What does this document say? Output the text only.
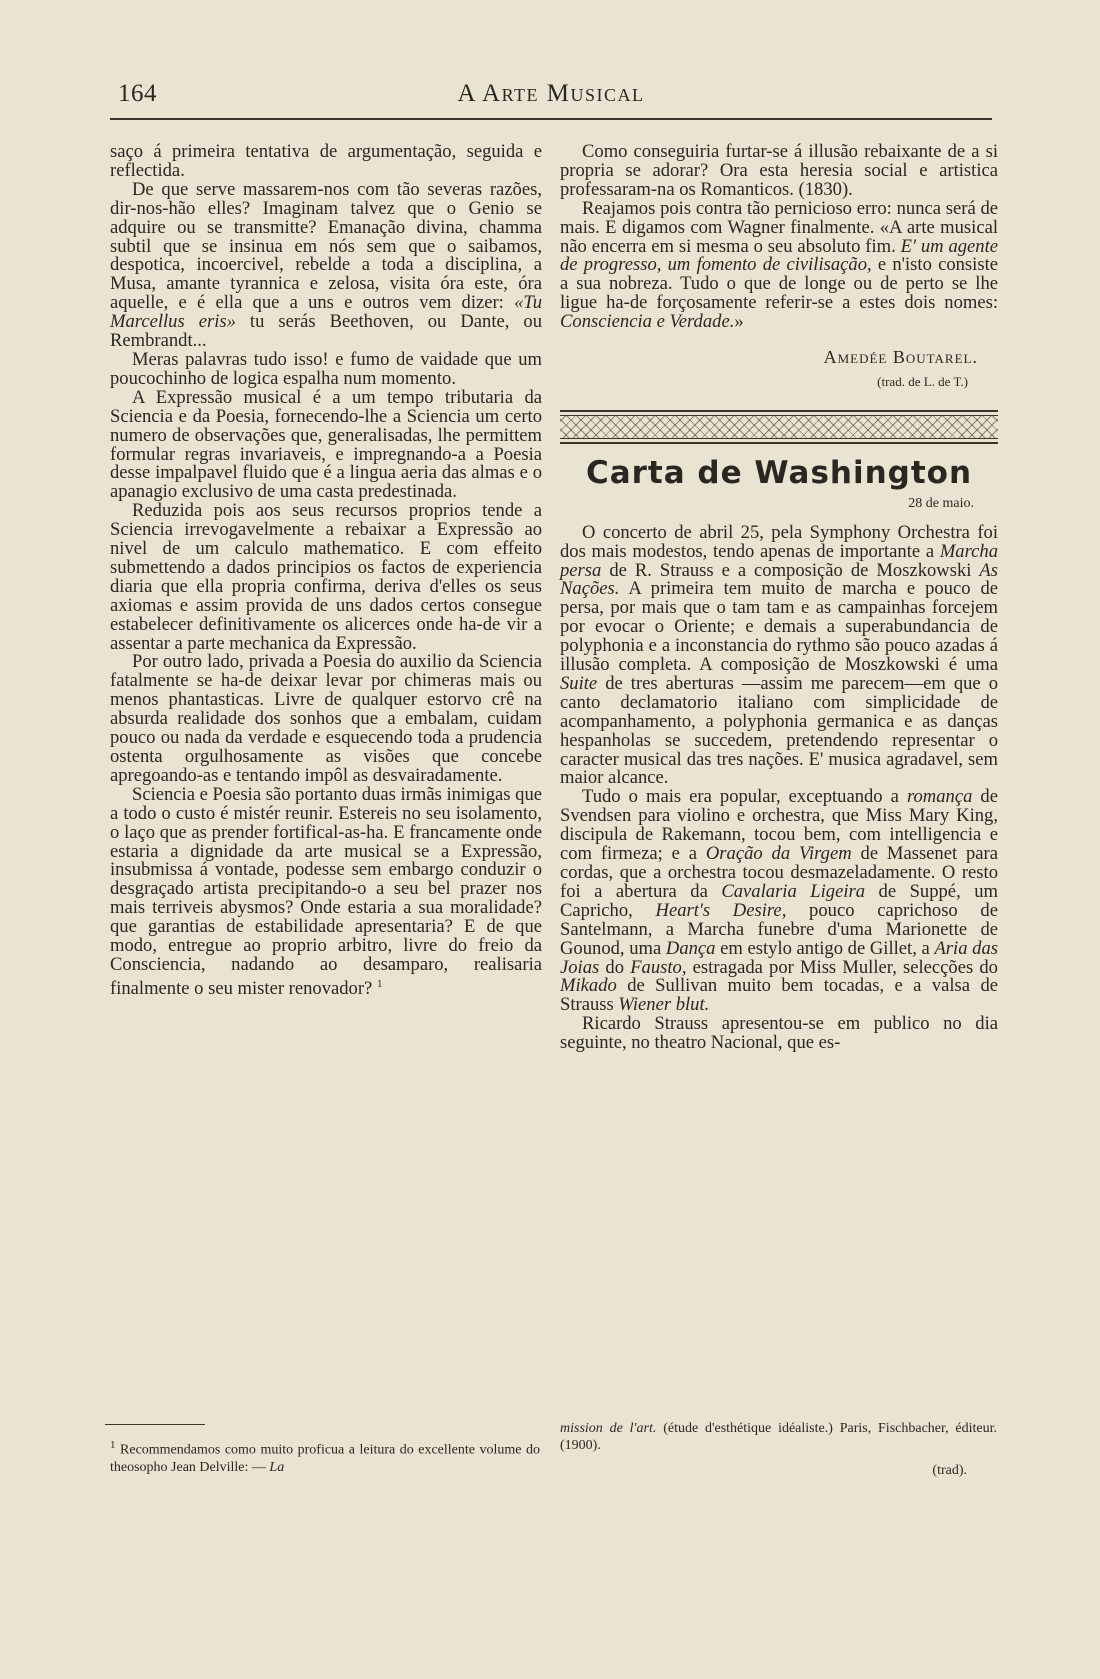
164	A Arte Musical

saço á primeira tentativa de argumentação, seguida e reflectida.

De que serve massarem-nos com tão severas razões, dir-nos-hão elles? Imaginam talvez que o Genio se adquire ou se transmitte? Emanação divina, chamma subtil que se insinua em nós sem que o saibamos, despotica, incoercivel, rebelde a toda a disciplina, a Musa, amante tyrannica e zelosa, visita óra este, óra aquelle, e é ella que a uns e outros vem dizer: «Tu Marcellus eris» tu serás Beethoven, ou Dante, ou Rembrandt...

Meras palavras tudo isso! e fumo de vaidade que um poucochinho de logica espalha num momento.

A Expressão musical é a um tempo tributaria da Sciencia e da Poesia, fornecendo-lhe a Sciencia um certo numero de observações que, generalisadas, lhe permittem formular regras invariaveis, e impregnando-a a Poesia desse impalpavel fluido que é a lingua aeria das almas e o apanagio exclusivo de uma casta predestinada.

Reduzida pois aos seus recursos proprios tende a Sciencia irrevogavelmente a rebaixar a Expressão ao nivel de um calculo mathematico. E com effeito submettendo a dados principios os factos de experiencia diaria que ella propria confirma, deriva d'elles os seus axiomas e assim provida de uns dados certos consegue estabelecer definitivamente os alicerces onde ha-de vir a assentar a parte mechanica da Expressão.

Por outro lado, privada a Poesia do auxilio da Sciencia fatalmente se ha-de deixar levar por chimeras mais ou menos phantasticas. Livre de qualquer estorvo crê na absurda realidade dos sonhos que a embalam, cuidam pouco ou nada da verdade e esquecendo toda a prudencia ostenta orgulhosamente as visões que concebe apregoando-as e tentando impôl as desvairadamente.

Sciencia e Poesia são portanto duas irmãs inimigas que a todo o custo é mistér reunir. Estereis no seu isolamento, o laço que as prender fortifical-as-ha. E francamente onde estaria a dignidade da arte musical se a Expressão, insubmissa á vontade, podesse sem embargo conduzir o desgraçado artista precipitando-o a seu bel prazer nos mais terriveis abysmos? Onde estaria a sua moralidade? que garantias de estabilidade apresentaria? E de que modo, entregue ao proprio arbitro, livre do freio da Consciencia, nadando ao desamparo, realisaria finalmente o seu mister renovador? $^1$

Como conseguiria furtar-se á illusão rebaixante de a si propria se adorar? Ora esta heresia social e artistica professaram-na os Romanticos. (1830).

Reajamos pois contra tão pernicioso erro: nunca será de mais. E digamos com Wagner finalmente. «A arte musical não encerra em si mesma o seu absoluto fim. E' um agente de progresso, um fomento de civilisação, e n'isto consiste a sua nobreza. Tudo o que de longe ou de perto se lhe ligue ha-de forçosamente referir-se a estes dois nomes: Consciencia e Verdade.»

Amedée Boutarel.
(trad. de L. de T.)
Carta de Washington
28 de maio.

O concerto de abril 25, pela Symphony Orchestra foi dos mais modestos, tendo apenas de importante a Marcha persa de R. Strauss e a composição de Moszkowski As Nações. A primeira tem muito de marcha e pouco de persa, por mais que o tam tam e as campainhas forcejem por evocar o Oriente; e demais a superabundancia de polyphonia e a inconstancia do rythmo são pouco azadas á illusão completa. A composição de Moszkowski é uma Suite de tres aberturas —assim me parecem—em que o canto declamatorio italiano com simplicidade de acompanhamento, a polyphonia germanica e as danças hespanholas se succedem, pretendendo representar o caracter musical das tres nações. E' musica agradavel, sem maior alcance.

Tudo o mais era popular, exceptuando a romança de Svendsen para violino e orchestra, que Miss Mary King, discipula de Rakemann, tocou bem, com intelligencia e com firmeza; e a Oração da Virgem de Massenet para cordas, que a orchestra tocou desmazeladamente. O resto foi a abertura da Cavalaria Ligeira de Suppé, um Capricho, Heart's Desire, pouco caprichoso de Santelmann, a Marcha funebre d'uma Marionette de Gounod, uma Dança em estylo antigo de Gillet, a Aria das Joias do Fausto, estragada por Miss Muller, selecções do Mikado de Sullivan muito bem tocadas, e a valsa de Strauss Wiener blut.

Ricardo Strauss apresentou-se em publico no dia seguinte, no theatro Nacional, que es-

$^1$ Recommendamos como muito proficua a leitura do excellente volume do theosopho Jean Delville: — La
mission de l'art. (étude d'esthétique idéaliste.) Paris, Fischbacher, éditeur. (1900).
(trad).
